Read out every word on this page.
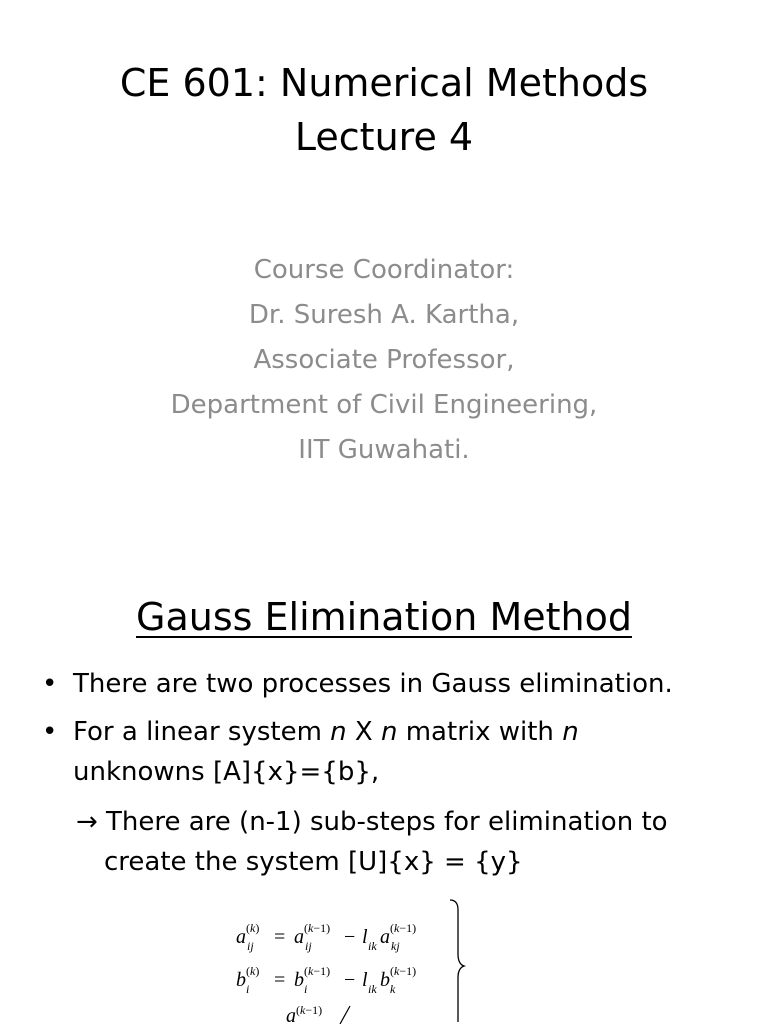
CE 601: Numerical Methods
Lecture 4
Course Coordinator:
Dr. Suresh A. Kartha,
Associate Professor,
Department of Civil Engineering,
IIT Guwahati.
Gauss Elimination Method
• There are two processes in Gauss elimination.
• For a linear system n X n matrix with n
unknowns [A]{x}={b},
→ There are (n-1) sub-steps for elimination to
create the system [U]{x} = {y}
a (k)
ij = a (k−1)
ij − l ik a (k−1)
kj
b (k)
i = b (k−1)
i − l ik b (k−1)
k
a (k−1)
